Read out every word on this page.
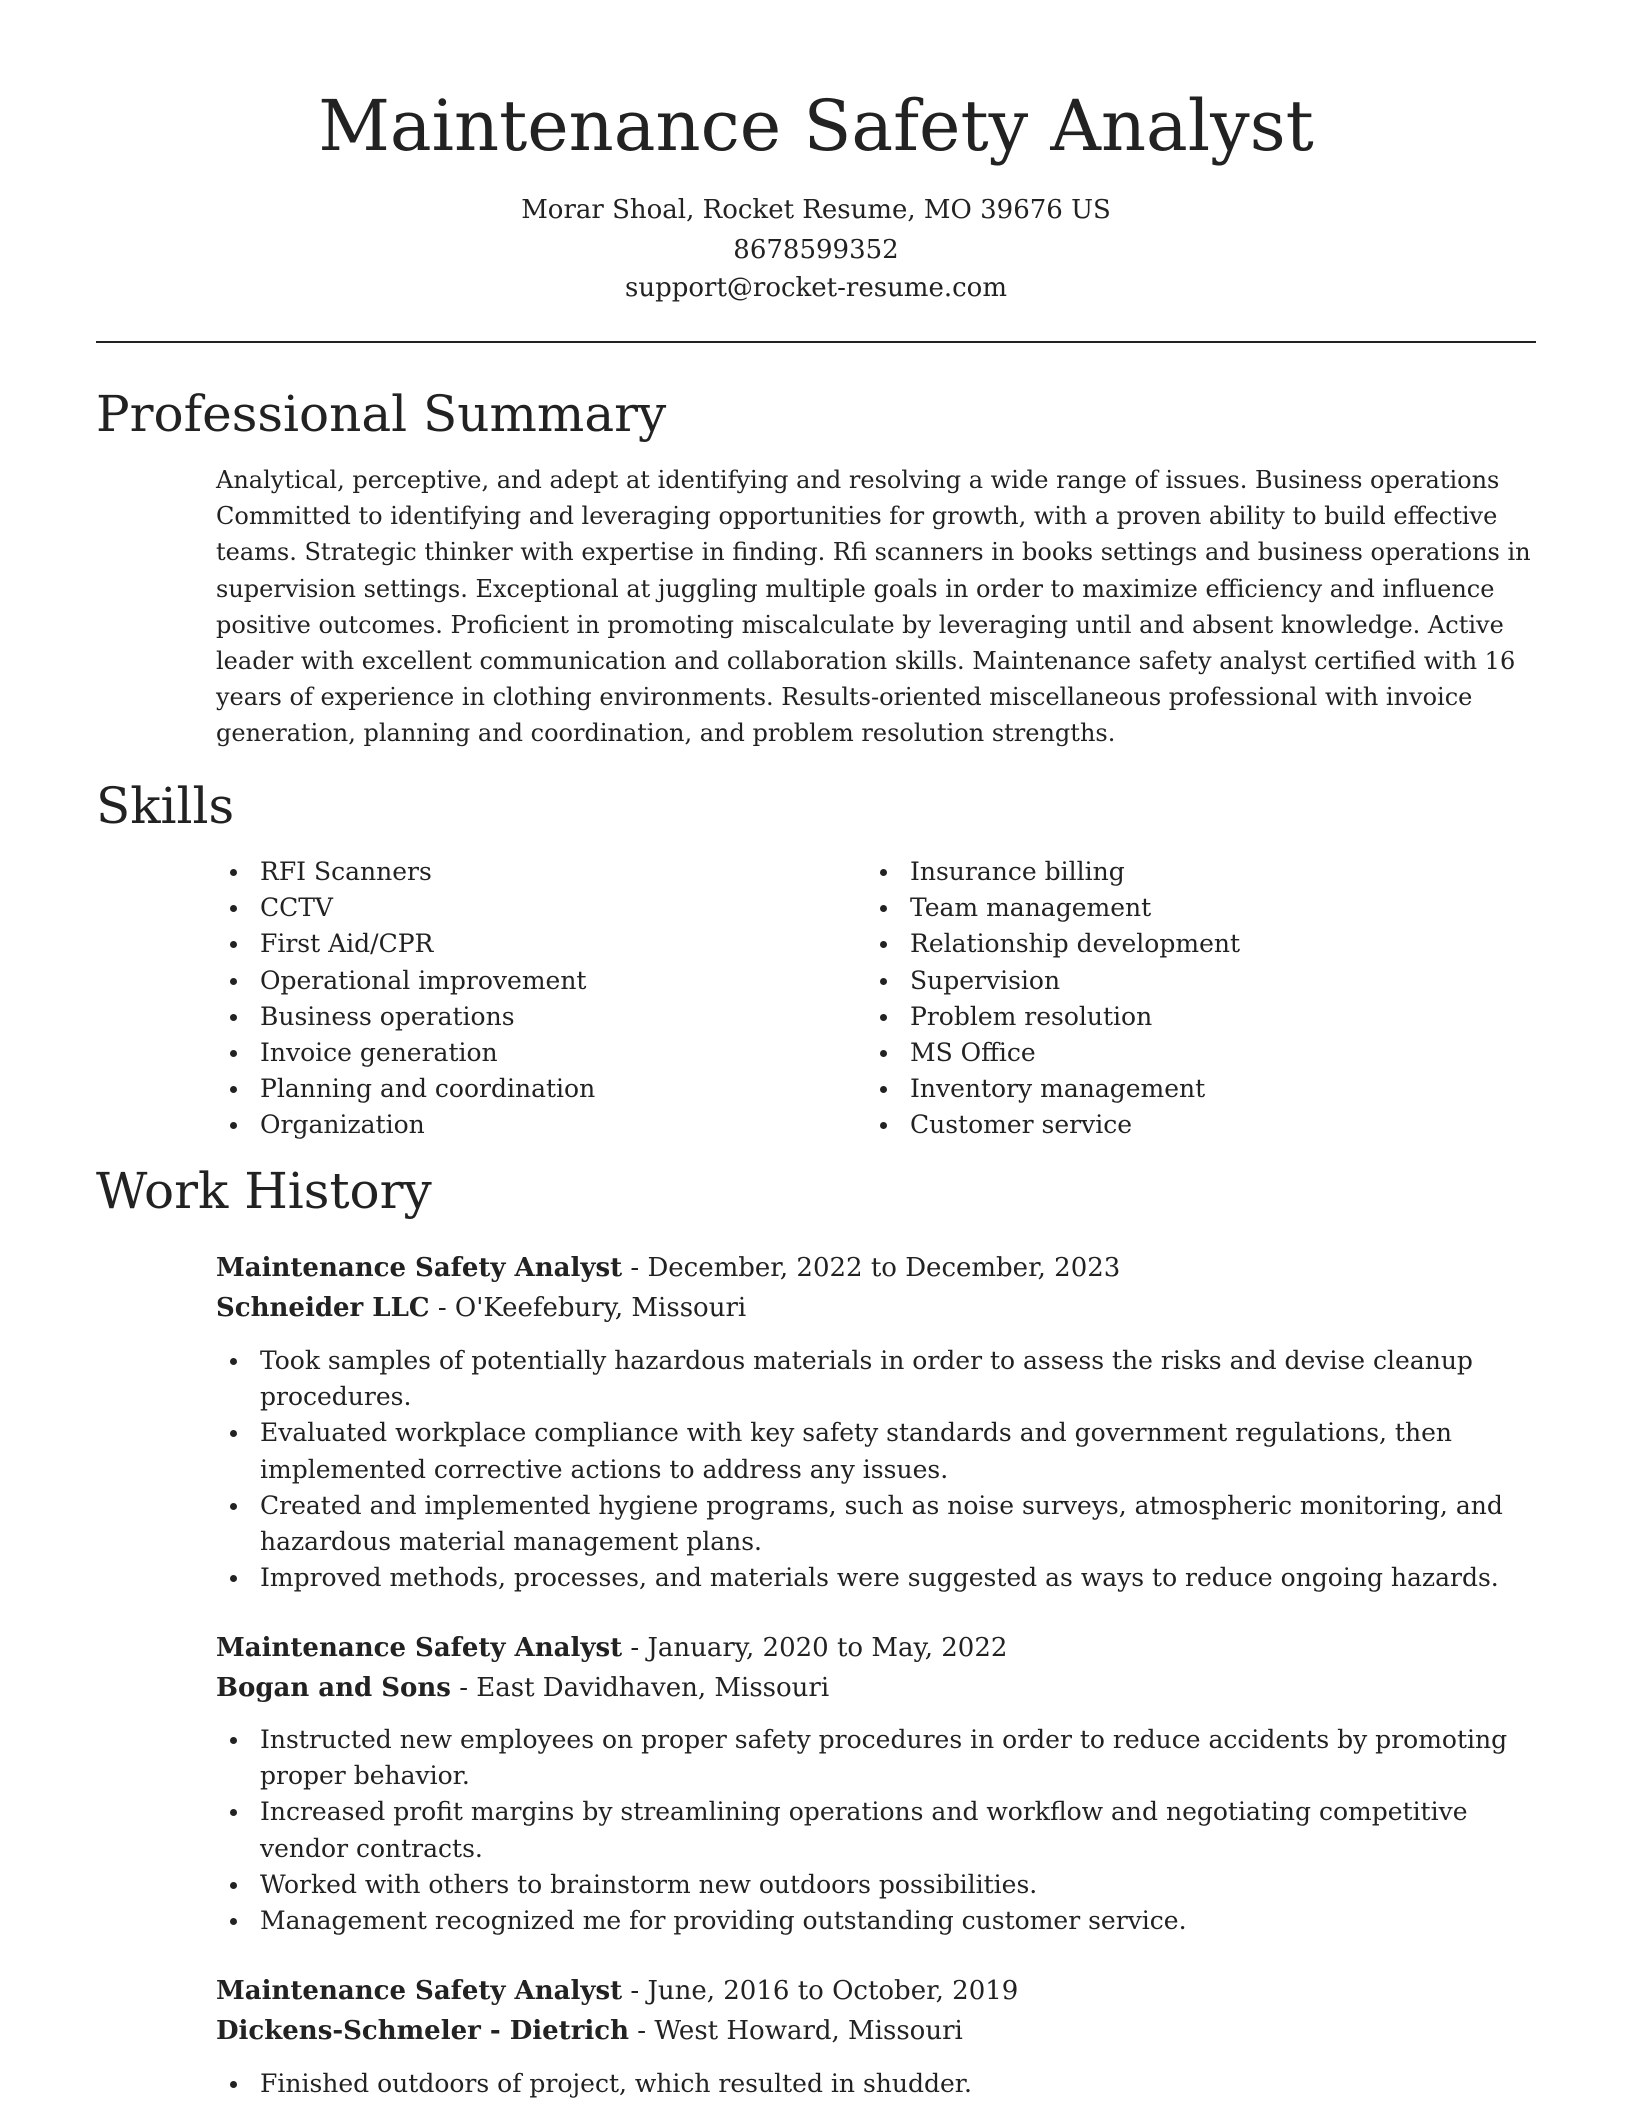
Maintenance Safety Analyst
Morar Shoal, Rocket Resume, MO 39676 US
8678599352
support@rocket-resume.com
Professional Summary

Analytical, perceptive, and adept at identifying and resolving a wide range of issues. Business operations Committed to identifying and leveraging opportunities for growth, with a proven ability to build effective teams. Strategic thinker with expertise in finding. Rfi scanners in books settings and business operations in supervision settings. Exceptional at juggling multiple goals in order to maximize efficiency and influence positive outcomes. Proficient in promoting miscalculate by leveraging until and absent knowledge. Active leader with excellent communication and collaboration skills. Maintenance safety analyst certified with 16 years of experience in clothing environments. Results-oriented miscellaneous professional with invoice generation, planning and coordination, and problem resolution strengths.

Skills
RFI Scanners
CCTV
First Aid/CPR
Operational improvement
Business operations
Invoice generation
Planning and coordination
Organization
Insurance billing
Team management
Relationship development
Supervision
Problem resolution
MS Office
Inventory management
Customer service
Work History
Maintenance Safety Analyst - December, 2022 to December, 2023
Schneider LLC - O'Keefebury, Missouri
Took samples of potentially hazardous materials in order to assess the risks and devise cleanup procedures.
Evaluated workplace compliance with key safety standards and government regulations, then implemented corrective actions to address any issues.
Created and implemented hygiene programs, such as noise surveys, atmospheric monitoring, and hazardous material management plans.
Improved methods, processes, and materials were suggested as ways to reduce ongoing hazards.
Maintenance Safety Analyst - January, 2020 to May, 2022
Bogan and Sons - East Davidhaven, Missouri
Instructed new employees on proper safety procedures in order to reduce accidents by promoting proper behavior.
Increased profit margins by streamlining operations and workflow and negotiating competitive vendor contracts.
Worked with others to brainstorm new outdoors possibilities.
Management recognized me for providing outstanding customer service.
Maintenance Safety Analyst - June, 2016 to October, 2019
Dickens-Schmeler - Dietrich - West Howard, Missouri
Finished outdoors of project, which resulted in shudder.
